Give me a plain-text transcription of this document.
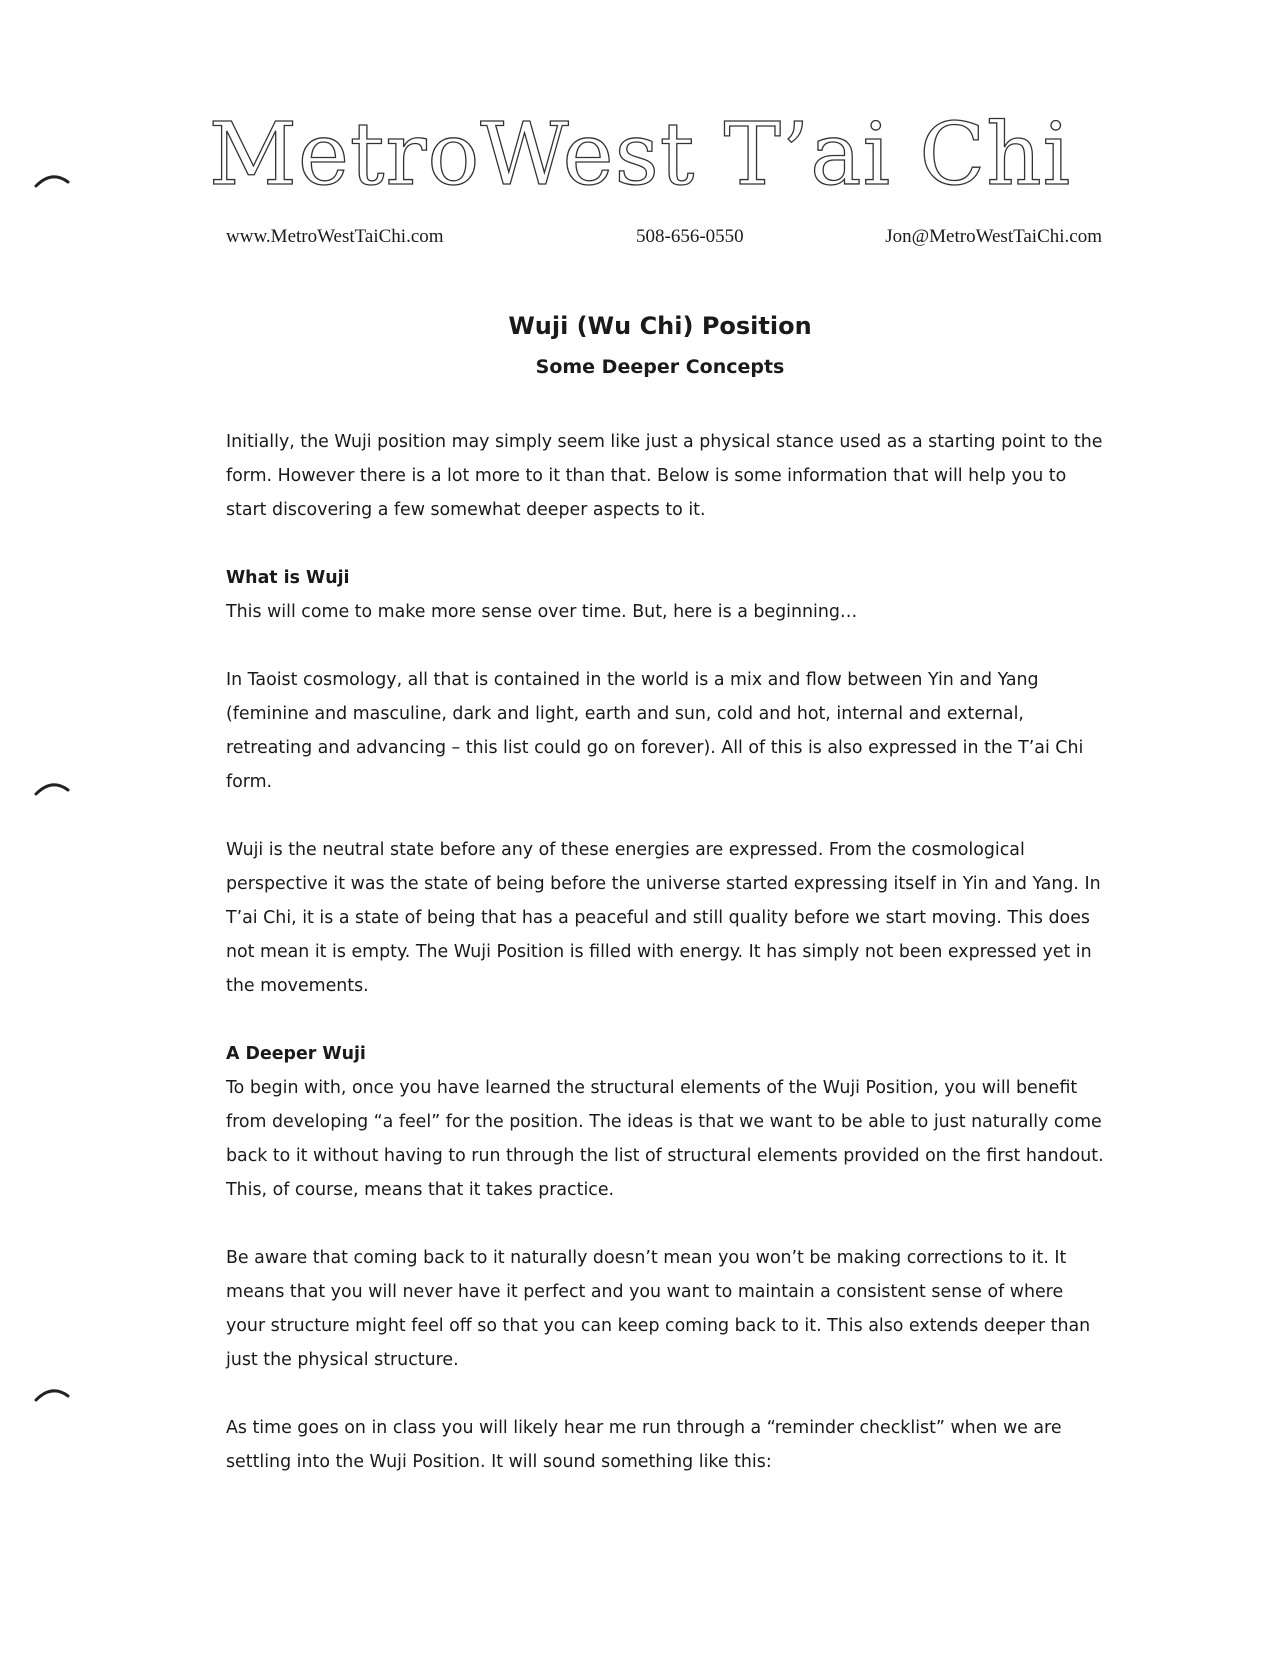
MetroWest T’ai Chi
www.MetroWestTaiChi.com	508-656-0550	Jon@MetroWestTaiChi.com
Wuji (Wu Chi) Position
Some Deeper Concepts

Initially, the Wuji position may simply seem like just a physical stance used as a starting point to the form. However there is a lot more to it than that. Below is some information that will help you to start discovering a few somewhat deeper aspects to it.

What is Wuji

This will come to make more sense over time. But, here is a beginning…

In Taoist cosmology, all that is contained in the world is a mix and flow between Yin and Yang (feminine and masculine, dark and light, earth and sun, cold and hot, internal and external, retreating and advancing – this list could go on forever). All of this is also expressed in the T’ai Chi form.

Wuji is the neutral state before any of these energies are expressed. From the cosmological perspective it was the state of being before the universe started expressing itself in Yin and Yang. In T’ai Chi, it is a state of being that has a peaceful and still quality before we start moving. This does not mean it is empty. The Wuji Position is filled with energy. It has simply not been expressed yet in the movements.

A Deeper Wuji

To begin with, once you have learned the structural elements of the Wuji Position, you will benefit from developing “a feel” for the position. The ideas is that we want to be able to just naturally come back to it without having to run through the list of structural elements provided on the first handout. This, of course, means that it takes practice.

Be aware that coming back to it naturally doesn’t mean you won’t be making corrections to it. It means that you will never have it perfect and you want to maintain a consistent sense of where your structure might feel off so that you can keep coming back to it. This also extends deeper than just the physical structure.

As time goes on in class you will likely hear me run through a “reminder checklist” when we are settling into the Wuji Position. It will sound something like this:
